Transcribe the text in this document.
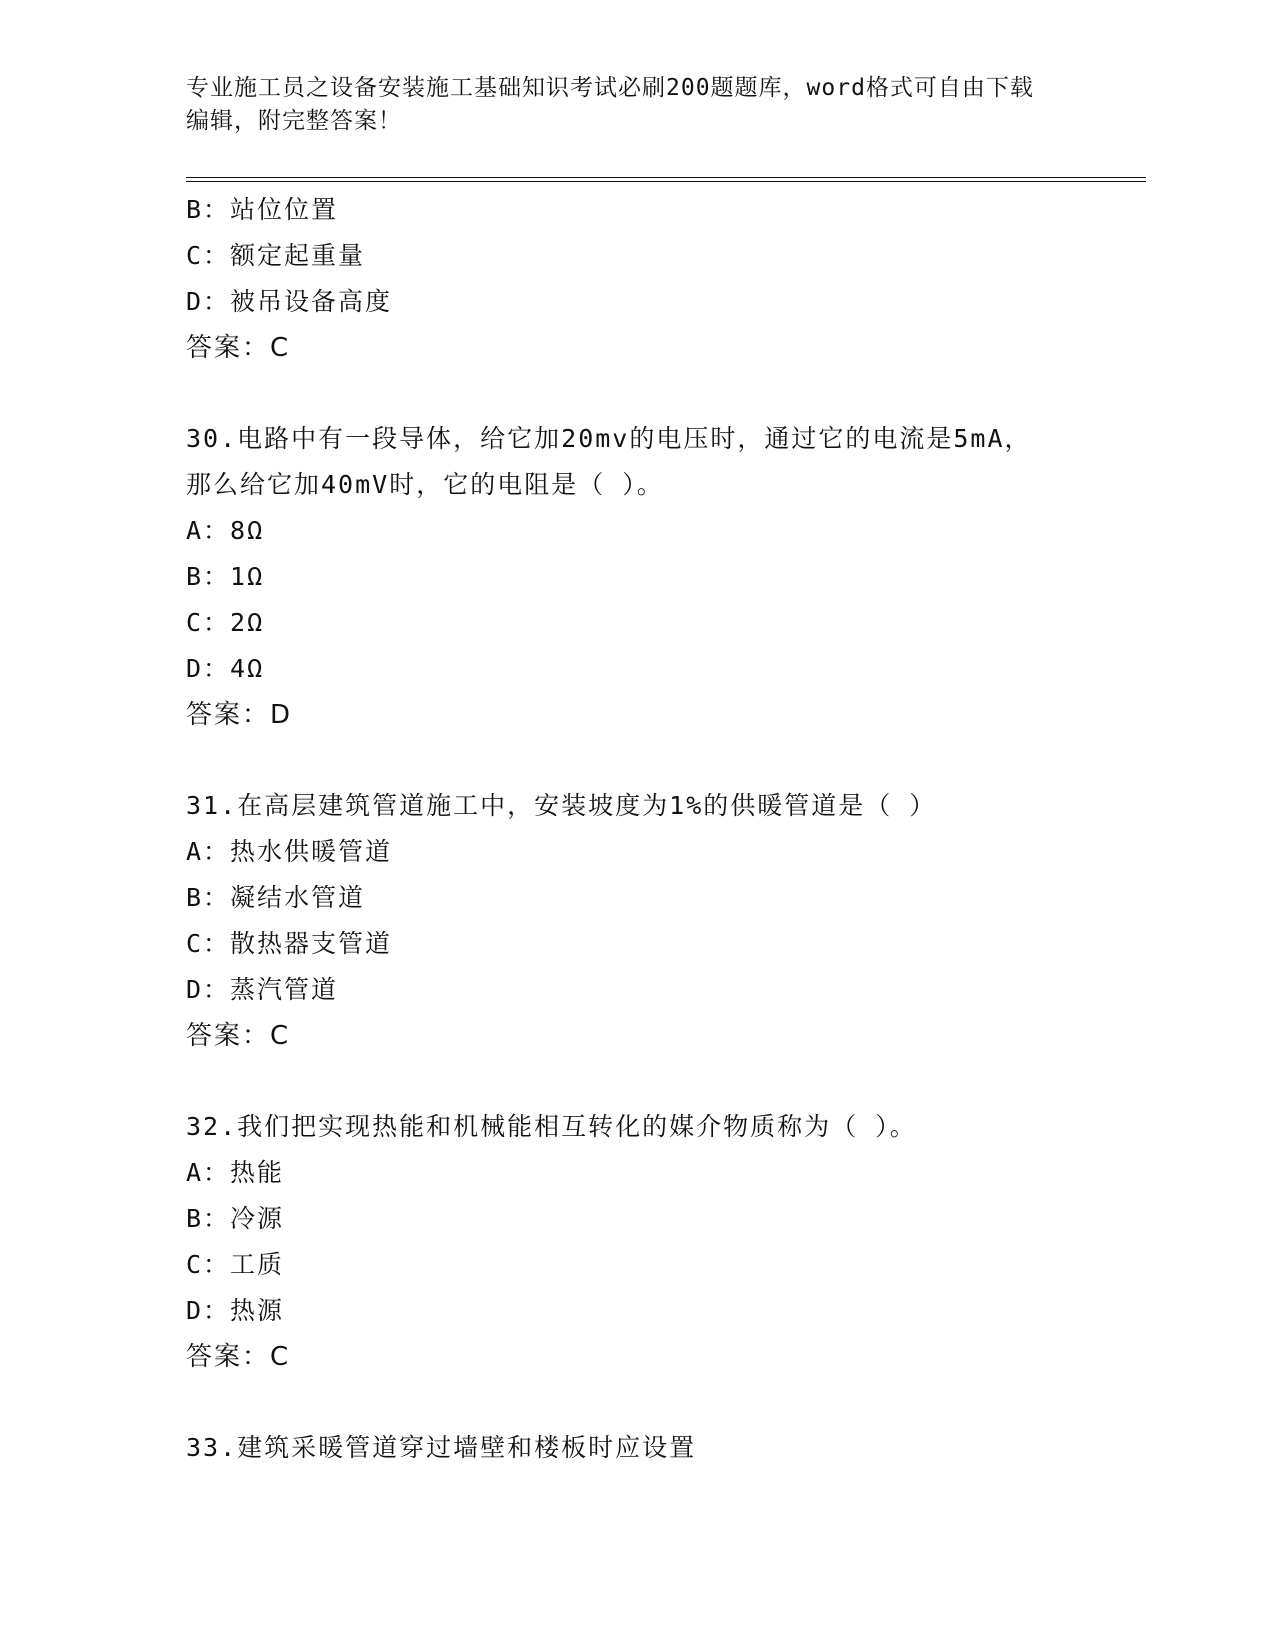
专业施工员之设备安装施工基础知识考试必刷200题题库，word格式可自由下载
编辑，附完整答案！
B：站位位置
C：额定起重量
D：被吊设备高度
答案：C
30.电路中有一段导体，给它加20mv的电压时，通过它的电流是5mA，
那么给它加40mV时，它的电阻是（ ）。
A：8Ω
B：1Ω
C：2Ω
D：4Ω
答案：D
31.在高层建筑管道施工中，安装坡度为1%的供暖管道是（ ）
A：热水供暖管道
B：凝结水管道
C：散热器支管道
D：蒸汽管道
答案：C
32.我们把实现热能和机械能相互转化的媒介物质称为（ ）。
A：热能
B：冷源
C：工质
D：热源
答案：C
33.建筑采暖管道穿过墙壁和楼板时应设置
